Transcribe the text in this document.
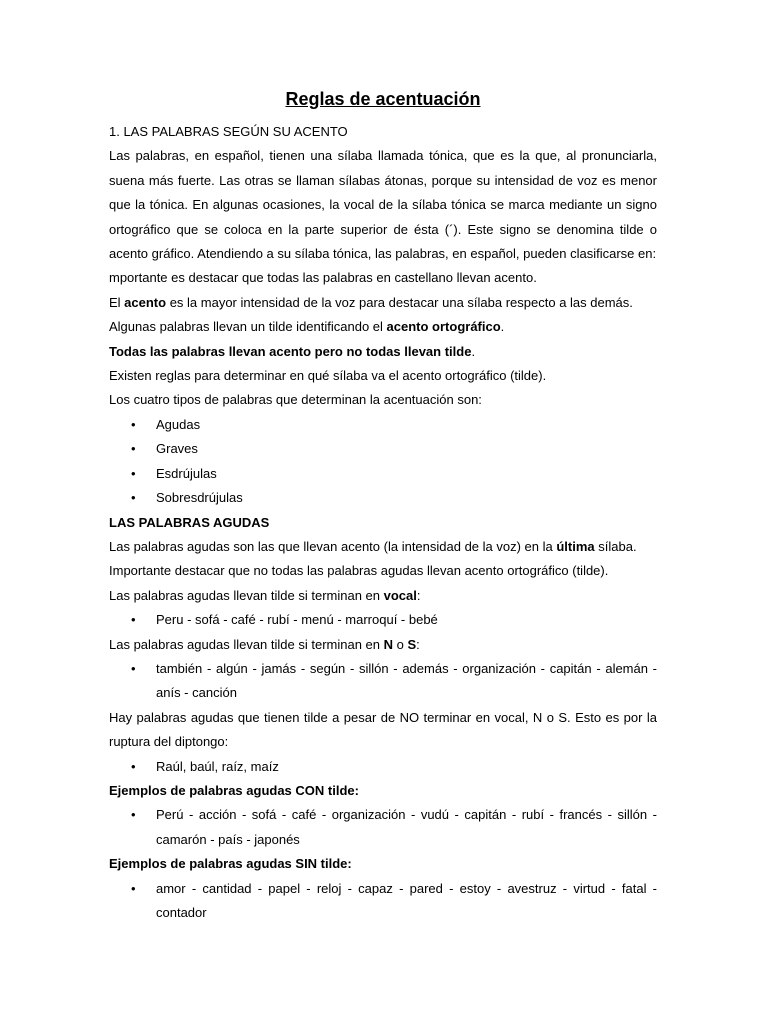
Reglas de acentuación

1. LAS PALABRAS SEGÚN SU ACENTO

Las palabras, en español, tienen una sílaba llamada tónica, que es la que, al pronunciarla, suena más fuerte. Las otras se llaman sílabas átonas, porque su intensidad de voz es menor que la tónica. En algunas ocasiones, la vocal de la sílaba tónica se marca mediante un signo ortográfico que se coloca en la parte superior de ésta (´). Este signo se denomina tilde o acento gráfico. Atendiendo a su sílaba tónica, las palabras, en español, pueden clasificarse en:

mportante es destacar que todas las palabras en castellano llevan acento.

El acento es la mayor intensidad de la voz para destacar una sílaba respecto a las demás.

Algunas palabras llevan un tilde identificando el acento ortográfico.

Todas las palabras llevan acento pero no todas llevan tilde.

Existen reglas para determinar en qué sílaba va el acento ortográfico (tilde).

Los cuatro tipos de palabras que determinan la acentuación son:

• Agudas
• Graves
• Esdrújulas
• Sobresdrújulas

LAS PALABRAS AGUDAS

Las palabras agudas son las que llevan acento (la intensidad de la voz) en la última sílaba.

Importante destacar que no todas las palabras agudas llevan acento ortográfico (tilde).

Las palabras agudas llevan tilde si terminan en vocal:

• Peru - sofá - café - rubí - menú - marroquí - bebé

Las palabras agudas llevan tilde si terminan en N o S:

• también - algún - jamás - según - sillón - además - organización - capitán - alemán - anís - canción

Hay palabras agudas que tienen tilde a pesar de NO terminar en vocal, N o S. Esto es por la ruptura del diptongo:

• Raúl, baúl, raíz, maíz

Ejemplos de palabras agudas CON tilde:

• Perú - acción - sofá - café - organización - vudú - capitán - rubí - francés - sillón - camarón - país - japonés

Ejemplos de palabras agudas SIN tilde:

• amor - cantidad - papel - reloj - capaz - pared - estoy - avestruz - virtud - fatal - contador
